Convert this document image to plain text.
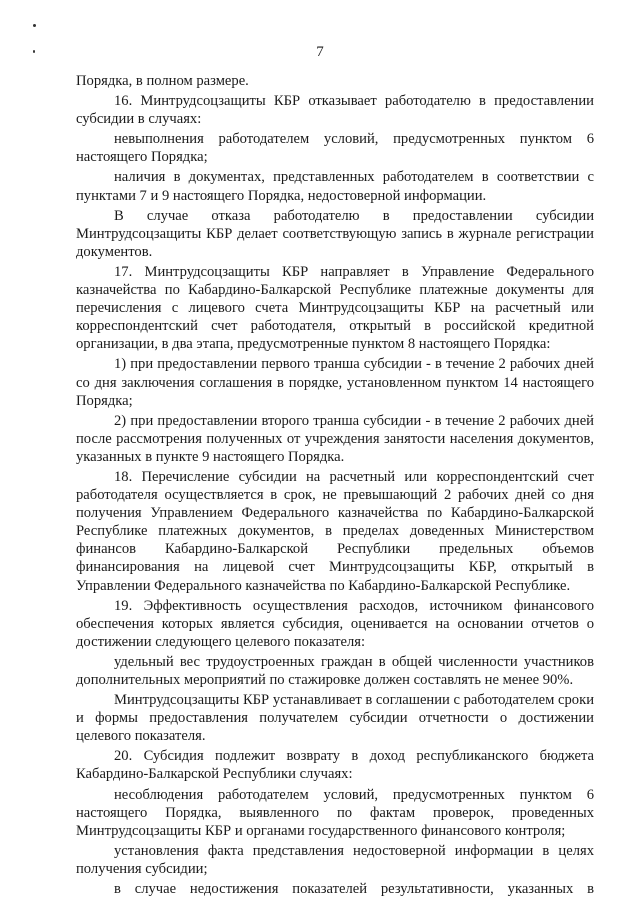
7

Порядка, в полном размере.

16. Минтрудсоцзащиты КБР отказывает работодателю в предоставлении субсидии в случаях:

невыполнения работодателем условий, предусмотренных пунктом 6 настоящего Порядка;

наличия в документах, представленных работодателем в соответствии с пунктами 7 и 9 настоящего Порядка, недостоверной информации.

В случае отказа работодателю в предоставлении субсидии Минтрудсоцзащиты КБР делает соответствующую запись в журнале регистрации документов.

17. Минтрудсоцзащиты КБР направляет в Управление Федерального казначейства по Кабардино-Балкарской Республике платежные документы для перечисления с лицевого счета Минтрудсоцзащиты КБР на расчетный или корреспондентский счет работодателя, открытый в российской кредитной организации, в два этапа, предусмотренные пунктом 8 настоящего Порядка:

1) при предоставлении первого транша субсидии - в течение 2 рабочих дней со дня заключения соглашения в порядке, установленном пунктом 14 настоящего Порядка;

2) при предоставлении второго транша субсидии - в течение 2 рабочих дней после рассмотрения полученных от учреждения занятости населения документов, указанных в пункте 9 настоящего Порядка.

18. Перечисление субсидии на расчетный или корреспондентский счет работодателя осуществляется в срок, не превышающий 2 рабочих дней со дня получения Управлением Федерального казначейства по Кабардино-Балкарской Республике платежных документов, в пределах доведенных Министерством финансов Кабардино-Балкарской Республики предельных объемов финансирования на лицевой счет Минтрудсоцзащиты КБР, открытый в Управлении Федерального казначейства по Кабардино-Балкарской Республике.

19. Эффективность осуществления расходов, источником финансового обеспечения которых является субсидия, оценивается на основании отчетов о достижении следующего целевого показателя:

удельный вес трудоустроенных граждан в общей численности участников дополнительных мероприятий по стажировке должен составлять не менее 90%.

Минтрудсоцзащиты КБР устанавливает в соглашении с работодателем сроки и формы предоставления получателем субсидии отчетности о достижении целевого показателя.

20. Субсидия подлежит возврату в доход республиканского бюджета Кабардино-Балкарской Республики случаях:

несоблюдения работодателем условий, предусмотренных пунктом 6 настоящего Порядка, выявленного по фактам проверок, проведенных Минтрудсоцзащиты КБР и органами государственного финансового контроля;

установления факта представления недостоверной информации в целях получения субсидии;

в случае недостижения показателей результативности, указанных в
